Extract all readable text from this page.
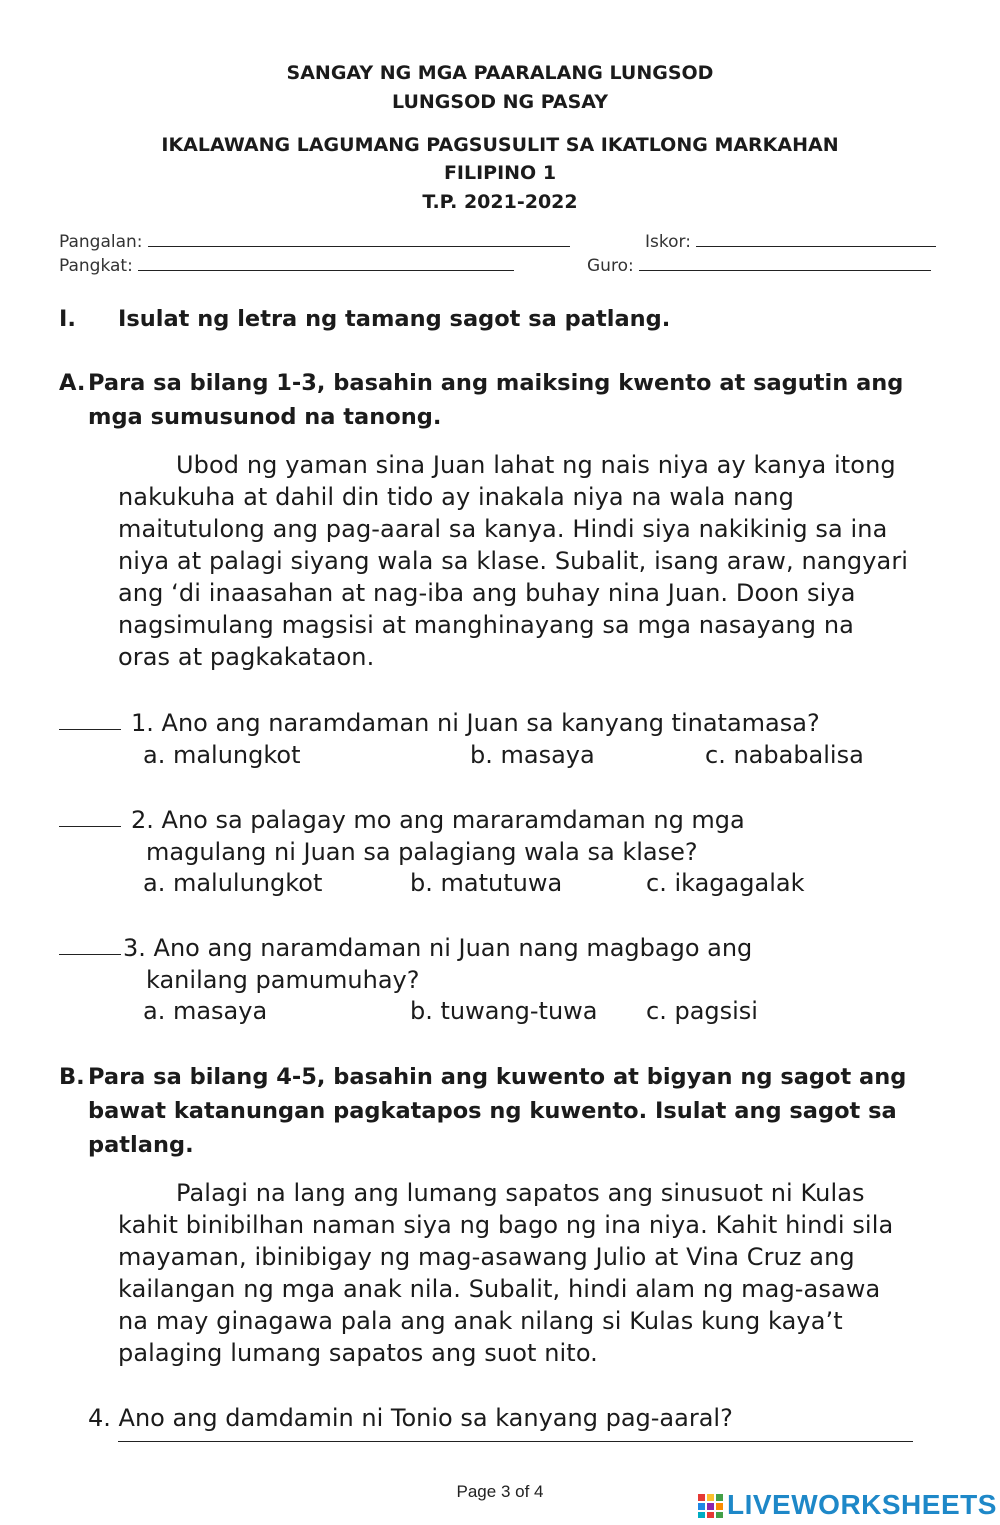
SANGAY NG MGA PAARALANG LUNGSOD
LUNGSOD NG PASAY
IKALAWANG LAGUMANG PAGSUSULIT SA IKATLONG MARKAHAN
FILIPINO 1
T.P. 2021-2022
Pangalan:	Iskor:
Pangkat:	Guro:
I. Isulat ng letra ng tamang sagot sa patlang.
A. Para sa bilang 1-3, basahin ang maiksing kwento at sagutin ang
mga sumusunod na tanong.
Ubod ng yaman sina Juan lahat ng nais niya ay kanya itong
nakukuha at dahil din tido ay inakala niya na wala nang
maitutulong ang pag-aaral sa kanya. Hindi siya nakikinig sa ina
niya at palagi siyang wala sa klase. Subalit, isang araw, nangyari
ang ‘di inaasahan at nag-iba ang buhay nina Juan. Doon siya
nagsimulang magsisi at manghinayang sa mga nasayang na
oras at pagkakataon.
1. Ano ang naramdaman ni Juan sa kanyang tinatamasa?
a. malungkot	b. masaya	c. nababalisa
2. Ano sa palagay mo ang mararamdaman ng mga
magulang ni Juan sa palagiang wala sa klase?
a. malulungkot	b. matutuwa	c. ikagagalak
3. Ano ang naramdaman ni Juan nang magbago ang
kanilang pamumuhay?
a. masaya	b. tuwang-tuwa c. pagsisi
B. Para sa bilang 4-5, basahin ang kuwento at bigyan ng sagot ang
bawat katanungan pagkatapos ng kuwento. Isulat ang sagot sa
patlang.
Palagi na lang ang lumang sapatos ang sinusuot ni Kulas
kahit binibilhan naman siya ng bago ng ina niya. Kahit hindi sila
mayaman, ibinibigay ng mag-asawang Julio at Vina Cruz ang
kailangan ng mga anak nila. Subalit, hindi alam ng mag-asawa
na may ginagawa pala ang anak nilang si Kulas kung kaya’t
palaging lumang sapatos ang suot nito.
4. Ano ang damdamin ni Tonio sa kanyang pag-aaral?
Page 3 of 4	LIVEWORKSHEETS
